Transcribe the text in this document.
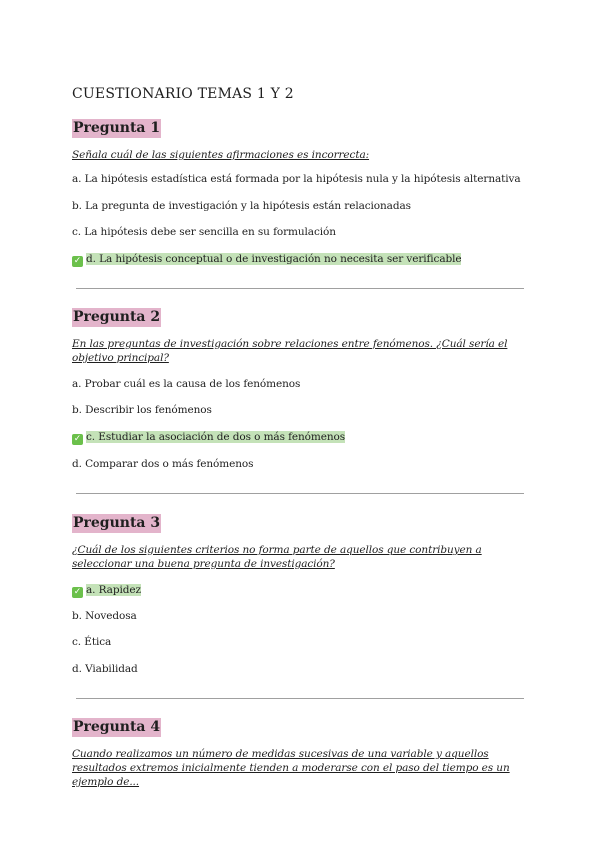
CUESTIONARIO TEMAS 1 Y 2
Pregunta 1
Señala cuál de las siguientes afirmaciones es incorrecta:
a. La hipótesis estadística está formada por la hipótesis nula y la hipótesis alternativa
b. La pregunta de investigación y la hipótesis están relacionadas
c. La hipótesis debe ser sencilla en su formulación
✓ d. La hipótesis conceptual o de investigación no necesita ser verificable
Pregunta 2
En las preguntas de investigación sobre relaciones entre fenómenos. ¿Cuál sería el objetivo principal?
a. Probar cuál es la causa de los fenómenos
b. Describir los fenómenos
✓ c. Estudiar la asociación de dos o más fenómenos
d. Comparar dos o más fenómenos
Pregunta 3
¿Cuál de los siguientes criterios no forma parte de aquellos que contribuyen a seleccionar una buena pregunta de investigación?
✓ a. Rapidez
b. Novedosa
c. Ética
d. Viabilidad
Pregunta 4
Cuando realizamos un número de medidas sucesivas de una variable y aquellos resultados extremos inicialmente tienden a moderarse con el paso del tiempo es un ejemplo de...
